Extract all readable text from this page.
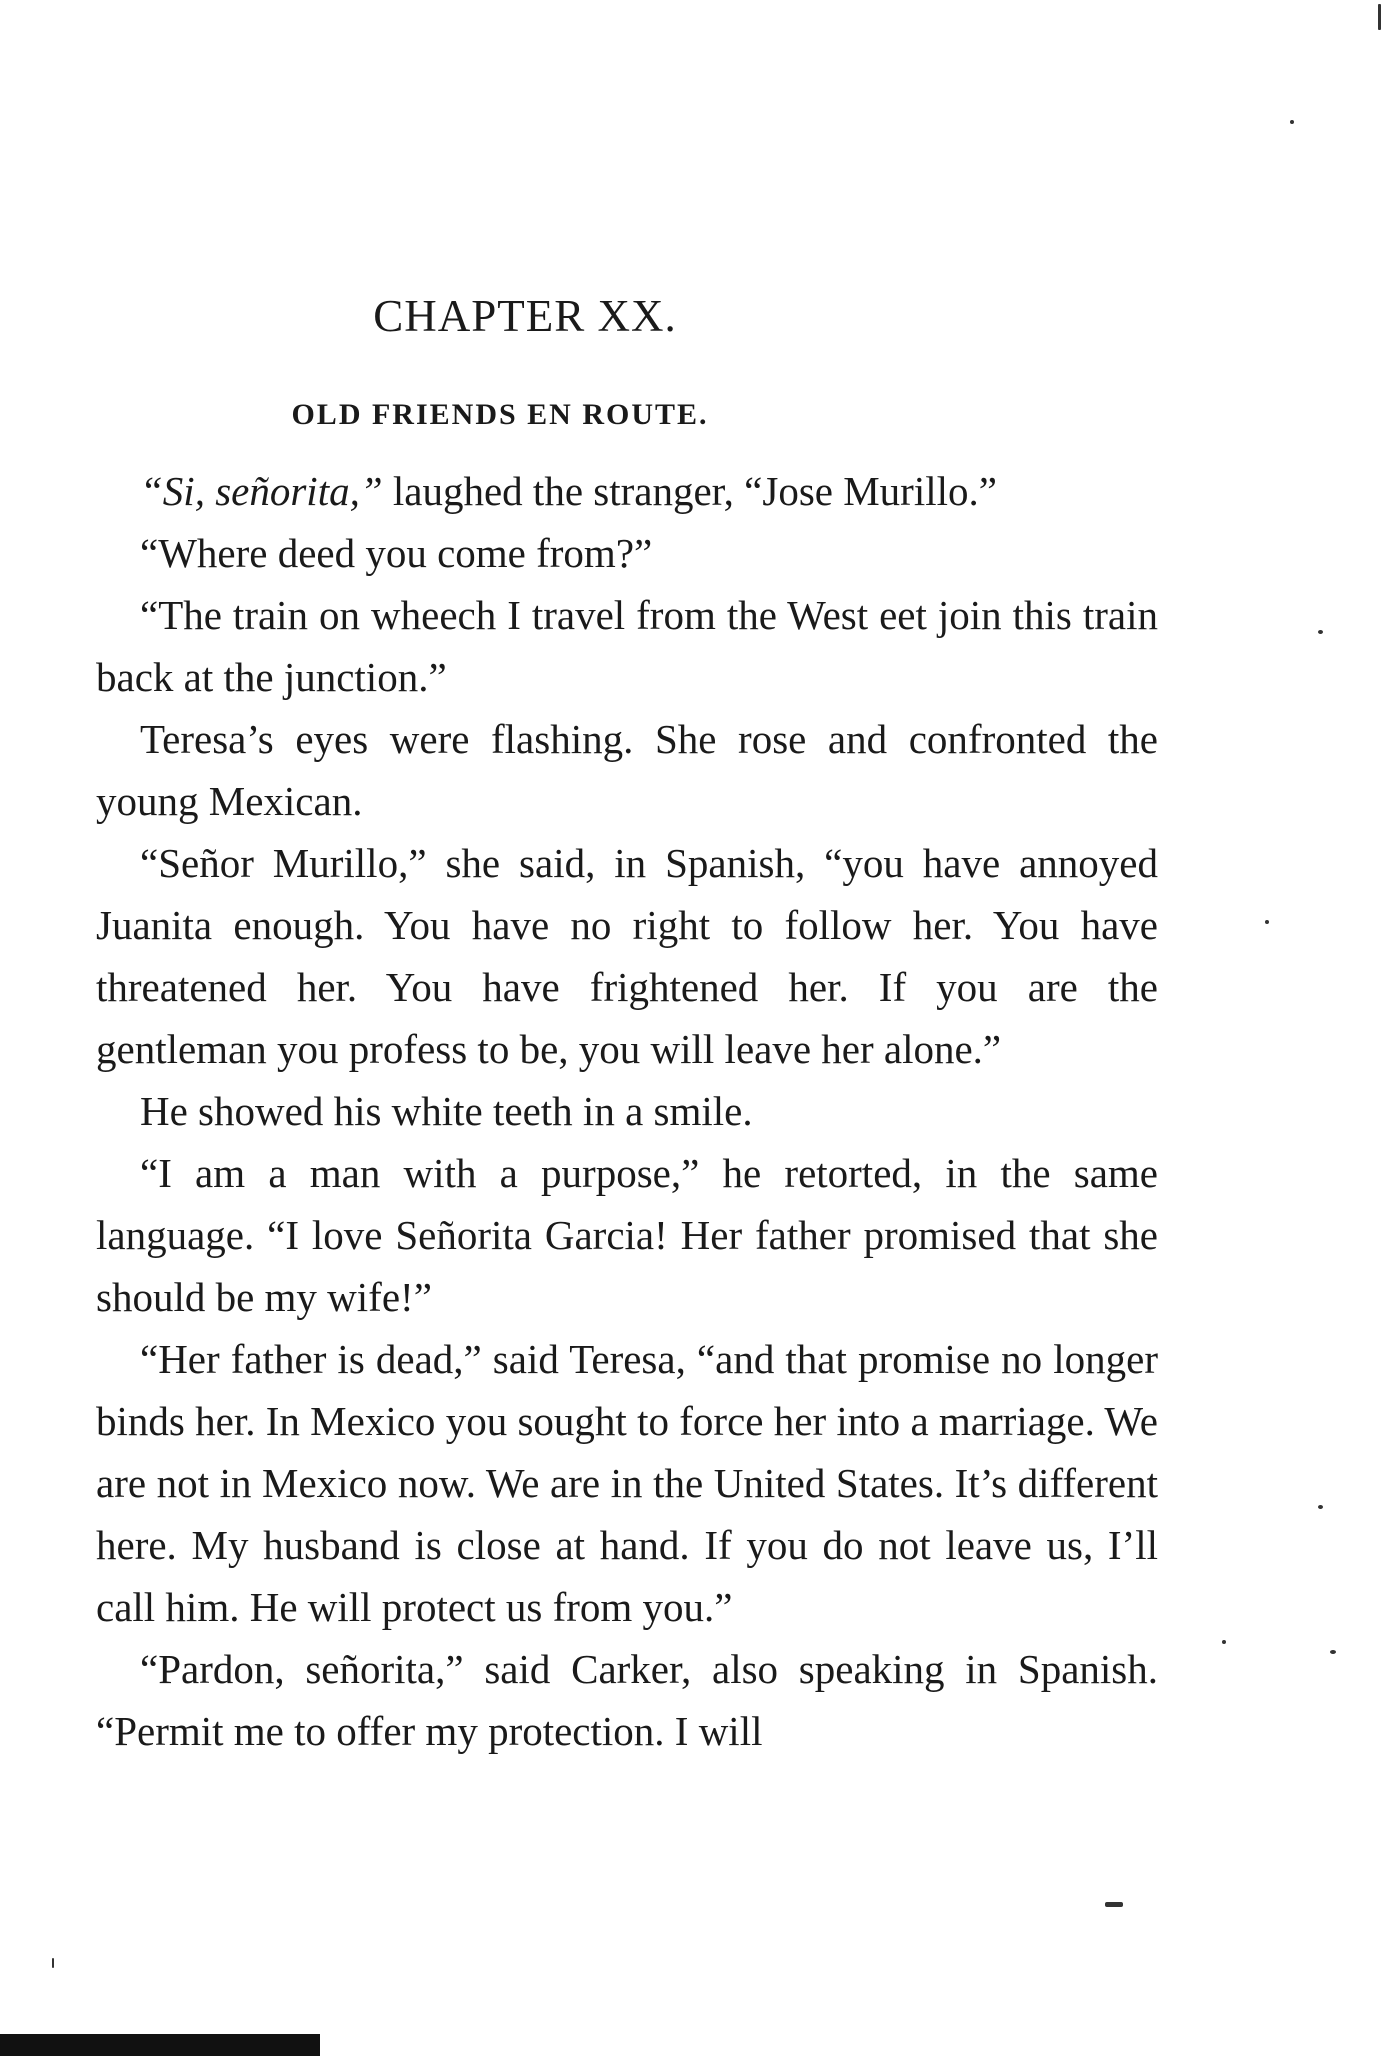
CHAPTER XX.
OLD FRIENDS EN ROUTE.

“Si, señorita,” laughed the stranger, “Jose Murillo.”

“Where deed you come from?”

“The train on wheech I travel from the West eet join this train back at the junction.”

Teresa’s eyes were flashing. She rose and confronted the young Mexican.

“Señor Murillo,” she said, in Spanish, “you have annoyed Juanita enough. You have no right to follow her. You have threatened her. You have frightened her. If you are the gentleman you profess to be, you will leave her alone.”

He showed his white teeth in a smile.

“I am a man with a purpose,” he retorted, in the same language. “I love Señorita Garcia! Her father promised that she should be my wife!”

“Her father is dead,” said Teresa, “and that promise no longer binds her. In Mexico you sought to force her into a marriage. We are not in Mexico now. We are in the United States. It’s different here. My husband is close at hand. If you do not leave us, I’ll call him. He will protect us from you.”

“Pardon, señorita,” said Carker, also speaking in Spanish. “Permit me to offer my protection. I will
